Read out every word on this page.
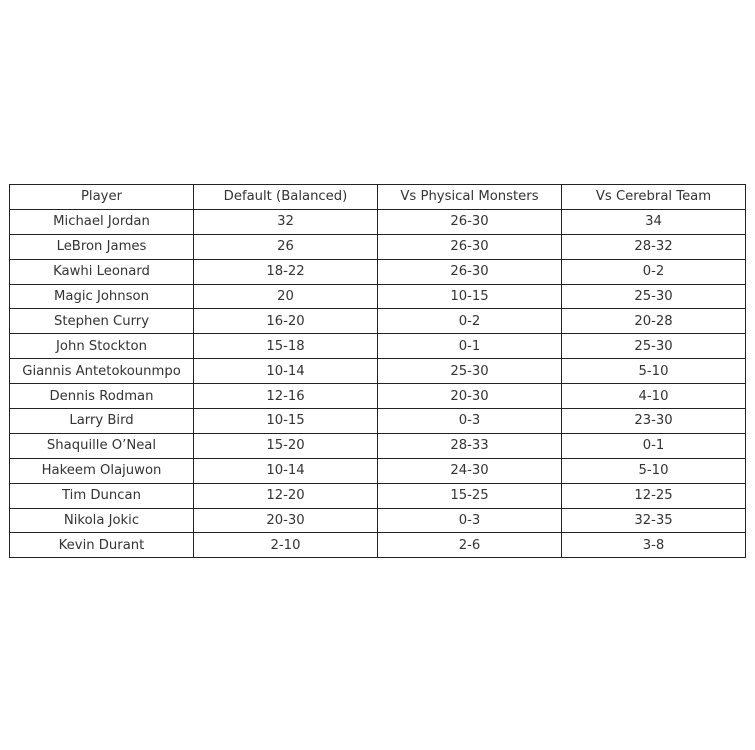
Player	Default (Balanced)	Vs Physical Monsters	Vs Cerebral Team
Michael Jordan	32	26-30	34
LeBron James	26	26-30	28-32
Kawhi Leonard	18-22	26-30	0-2
Magic Johnson	20	10-15	25-30
Stephen Curry	16-20	0-2	20-28
John Stockton	15-18	0-1	25-30
Giannis Antetokounmpo	10-14	25-30	5-10
Dennis Rodman	12-16	20-30	4-10
Larry Bird	10-15	0-3	23-30
Shaquille O’Neal	15-20	28-33	0-1
Hakeem Olajuwon	10-14	24-30	5-10
Tim Duncan	12-20	15-25	12-25
Nikola Jokic	20-30	0-3	32-35
Kevin Durant	2-10	2-6	3-8
